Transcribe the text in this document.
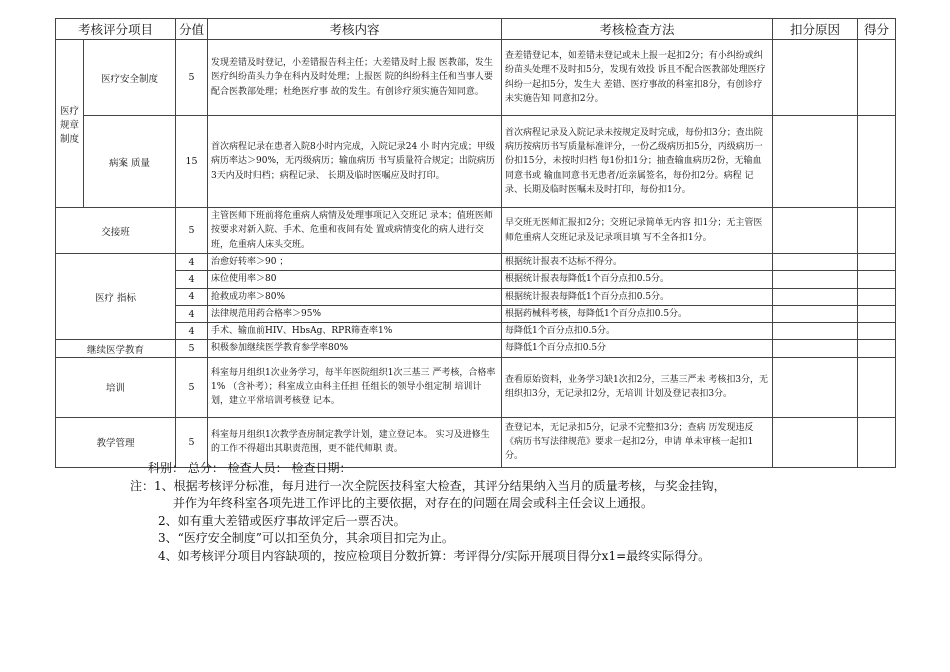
考核评分项目		分值	考核内容	考核检查方法	扣分原因	得分
医疗规章制度	医疗安全制度	5	发现差错及时登记，小差错报告科主任；大差错及时上报 医教部，发生医疗纠纷苗头力争在科内及时处理；上报医 院的纠纷科主任和当事人要配合医教部处理；杜绝医疗事 故的发生。有创诊疗须实施告知同意。	查差错登记本，如差错未登记或未上报一起扣2分；有小纠纷或纠纷苗头处理不及时扣5分，发现有效投 诉且不配合医教部处理医疗纠纷一起扣5分，发生大 差错、医疗事故的科室扣8分，有创诊疗未实施告知 同意扣2分。		
	病案 质量	15	首次病程记录在患者入院8小时内完成，入院记录24 小 时内完成；甲级病历率达＞90%，无丙级病历；输血病历 书写质量符合规定；出院病历3天内及时归档；病程记录、 长期及临时医嘱应及时打印。	首次病程记录及入院记录未按规定及时完成，每份扣3分；查出院病历按病历书写质量标准评分，一份乙级病历扣5分，丙级病历一份扣15分，未按时归档 每1份扣1分；抽查输血病历2份，无输血同意书或 输血同意书无患者/近亲属签名，每份扣2分。病程 记录、长期及临时医嘱未及时打印，每份扣1分。		
交接班		5	主管医师下班前将危重病人病情及处理事项记入交班记 录本；值班医师按要求对新入院、手术、危重和夜间有处 置或病情变化的病人进行交班，危重病人床头交班。	早交班无医师汇报扣2分；交班记录简单无内容 扣1分；无主管医师危重病人交班记录及记录项目填 写不全各扣1分。		
医疗 指标		4	治愈好转率＞90 ；	根据统计报表不达标不得分。		
		4	床位使用率＞80	根据统计报表每降低1个百分点扣0.5分。		
		4	抢救成功率＞80%	根据统计报表每降低1个百分点扣0.5分。		
		4	法律规范用药合格率＞95%	根据药械科考核，每降低1个百分点扣0.5分。		
		4	手术、输血前HIV、HbsAg、RPR筛查率1%	每降低1个百分点扣0.5分。		
继续医学教育		5	积极参加继续医学教育参学率80%	每降低1个百分点扣0.5分		
培训		5	科室每月组织1次业务学习，每半年医院组织1次三基三 严考核，合格率1% （含补考）；科室成立由科主任担 任组长的领导小组定制 培训计划，建立平常培训考核登 记本。	查看原始资料，业务学习缺1次扣2分，三基三严未 考核扣3分，无组织扣3分，无记录扣2分，无培训 计划及登记表扣3分。		
教学管理		5	科室每月组织1次教学查房制定教学计划，建立登记本。 实习及进修生的工作不得超出其职责范围，更不能代师职 责。	查登记本，无记录扣5分，记录不完整扣3分；查病 历发现违反《病历书写法律规范》要求一起扣2分，申请 单未审核一起扣1分。		
科别： 总分： 检查人员： 检查日期：
注：1、根据考核评分标准，每月进行一次全院医技科室大检查，其评分结果纳入当月的质量考核，与奖金挂钩，
并作为年终科室各项先进工作评比的主要依据，对存在的问题在周会或科主任会议上通报。
2、如有重大差错或医疗事故评定后一票否决。
3、“医疗安全制度”可以扣至负分，其余项目扣完为止。
4、如考核评分项目内容缺项的，按应检项目分数折算：考评得分/实际开展项目得分x1=最终实际得分。
